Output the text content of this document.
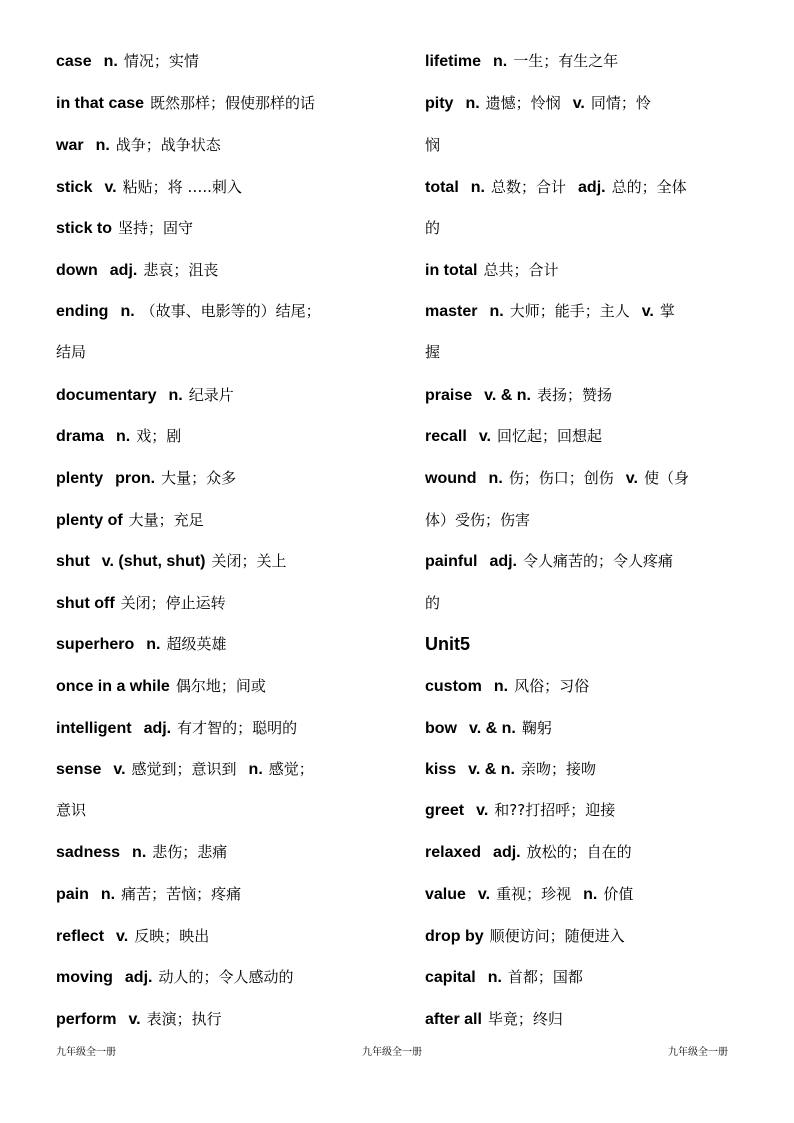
case n. 情况；实情
in that case 既然那样；假使那样的话
war n. 战争；战争状态
stick v. 粘贴；将 …..刺入
stick to 坚持；固守
down adj. 悲哀；沮丧
ending n. （故事、电影等的）结尾；
结局
documentary n. 纪录片
drama n. 戏；剧
plenty pron. 大量；众多
plenty of 大量；充足
shut v. (shut, shut) 关闭；关上
shut off 关闭；停止运转
superhero n. 超级英雄
once in a while 偶尔地；间或
intelligent adj. 有才智的；聪明的
sense v. 感觉到；意识到 n. 感觉；
意识
sadness n. 悲伤；悲痛
pain n. 痛苦；苦恼；疼痛
reflect v. 反映；映出
moving adj. 动人的；令人感动的
perform v. 表演；执行
lifetime n. 一生；有生之年
pity n. 遗憾；怜悯 v. 同情；怜
悯
total n. 总数；合计 adj. 总的；全体
的
in total 总共；合计
master n. 大师；能手；主人 v. 掌
握
praise v. & n. 表扬；赞扬
recall v. 回忆起；回想起
wound n. 伤；伤口；创伤 v. 使（身
体）受伤；伤害
painful adj. 令人痛苦的；令人疼痛
的
Unit5
custom n. 风俗；习俗
bow v. & n. 鞠躬
kiss v. & n. 亲吻；接吻
greet v. 和??打招呼；迎接
relaxed adj. 放松的；自在的
value v. 重视；珍视 n. 价值
drop by 顺便访问；随便进入
capital n. 首都；国都
after all 毕竟；终归
九年级全一册	九年级全一册	九年级全一册
